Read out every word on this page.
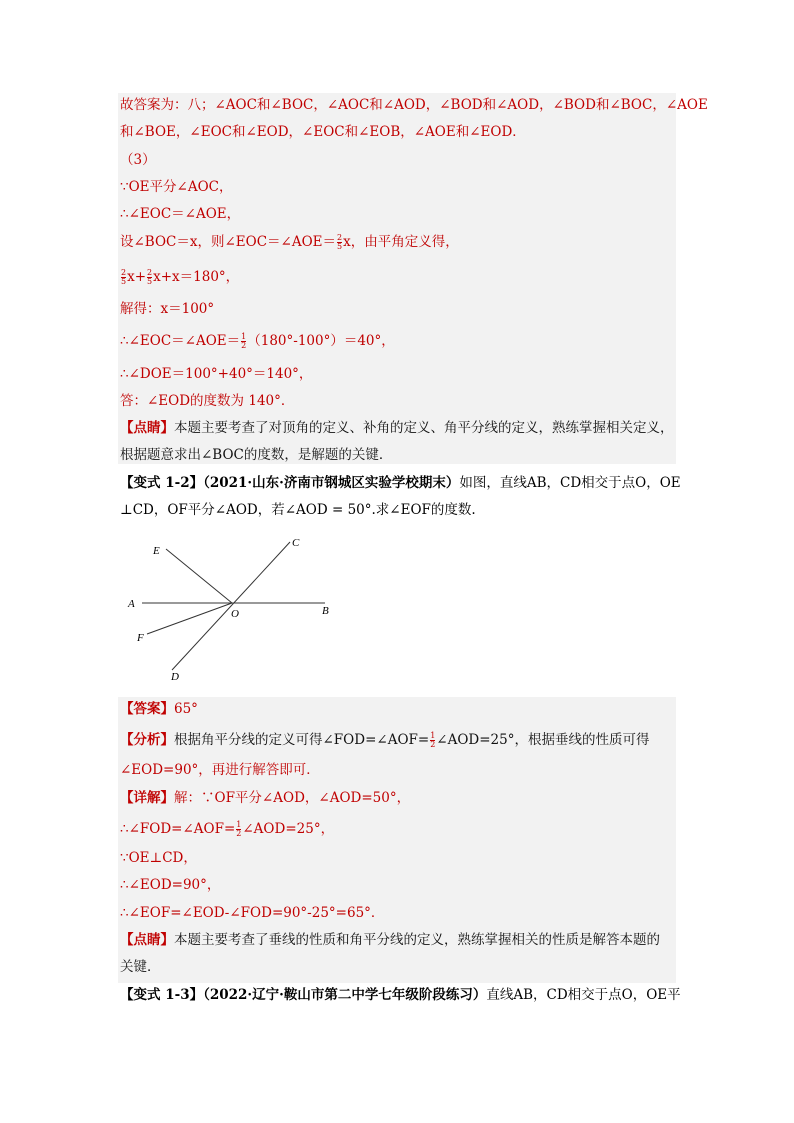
故答案为：八；∠AOC和∠BOC，∠AOC和∠AOD，∠BOD和∠AOD，∠BOD和∠BOC，∠AOE
和∠BOE，∠EOC和∠EOD，∠EOC和∠EOB，∠AOE和∠EOD．
（3）
∵OE平分∠AOC，
∴∠EOC＝∠AOE，
设∠BOC＝x，则∠EOC＝∠AOE＝ $\frac{2}{5}$ x，由平角定义得，
$\frac{2}{5} x+ \frac{2}{5} x+x=180^\circ$，
解得：x＝100°
∴∠EOC＝∠AOE＝ $\frac{1}{2} (180^\circ-100^\circ)=40^\circ$，
∴∠DOE＝100°+40°＝140°，
答：∠EOD的度数为 140°．
【点睛】本题主要考查了对顶角的定义、补角的定义、角平分线的定义，熟练掌握相关定义，
根据题意求出∠BOC的度数，是解题的关键．
【变式 1-2】（2021·山东·济南市钢城区实验学校期末）如图，直线AB，CD相交于点O，OE
⊥CD，OF平分∠AOD，若∠AOD = 50°.求∠EOF的度数.
E
C
A
O	B
F
D
【答案】65°
【分析】根据角平分线的定义可得∠FOD=∠AOF= $\frac{1}{2}$ ∠AOD=25°，根据垂线的性质可得
∠EOD=90°，再进行解答即可．
【详解】解：∵OF平分∠AOD，∠AOD=50°，
∴∠FOD=∠AOF= $\frac{1}{2}$ ∠AOD=25°，
∵OE⊥CD，
∴∠EOD=90°，
∴∠EOF=∠EOD-∠FOD=90°-25°=65°．
【点睛】本题主要考查了垂线的性质和角平分线的定义，熟练掌握相关的性质是解答本题的
关键．
【变式 1-3】（2022·辽宁·鞍山市第二中学七年级阶段练习）直线AB，CD相交于点O，OE平
